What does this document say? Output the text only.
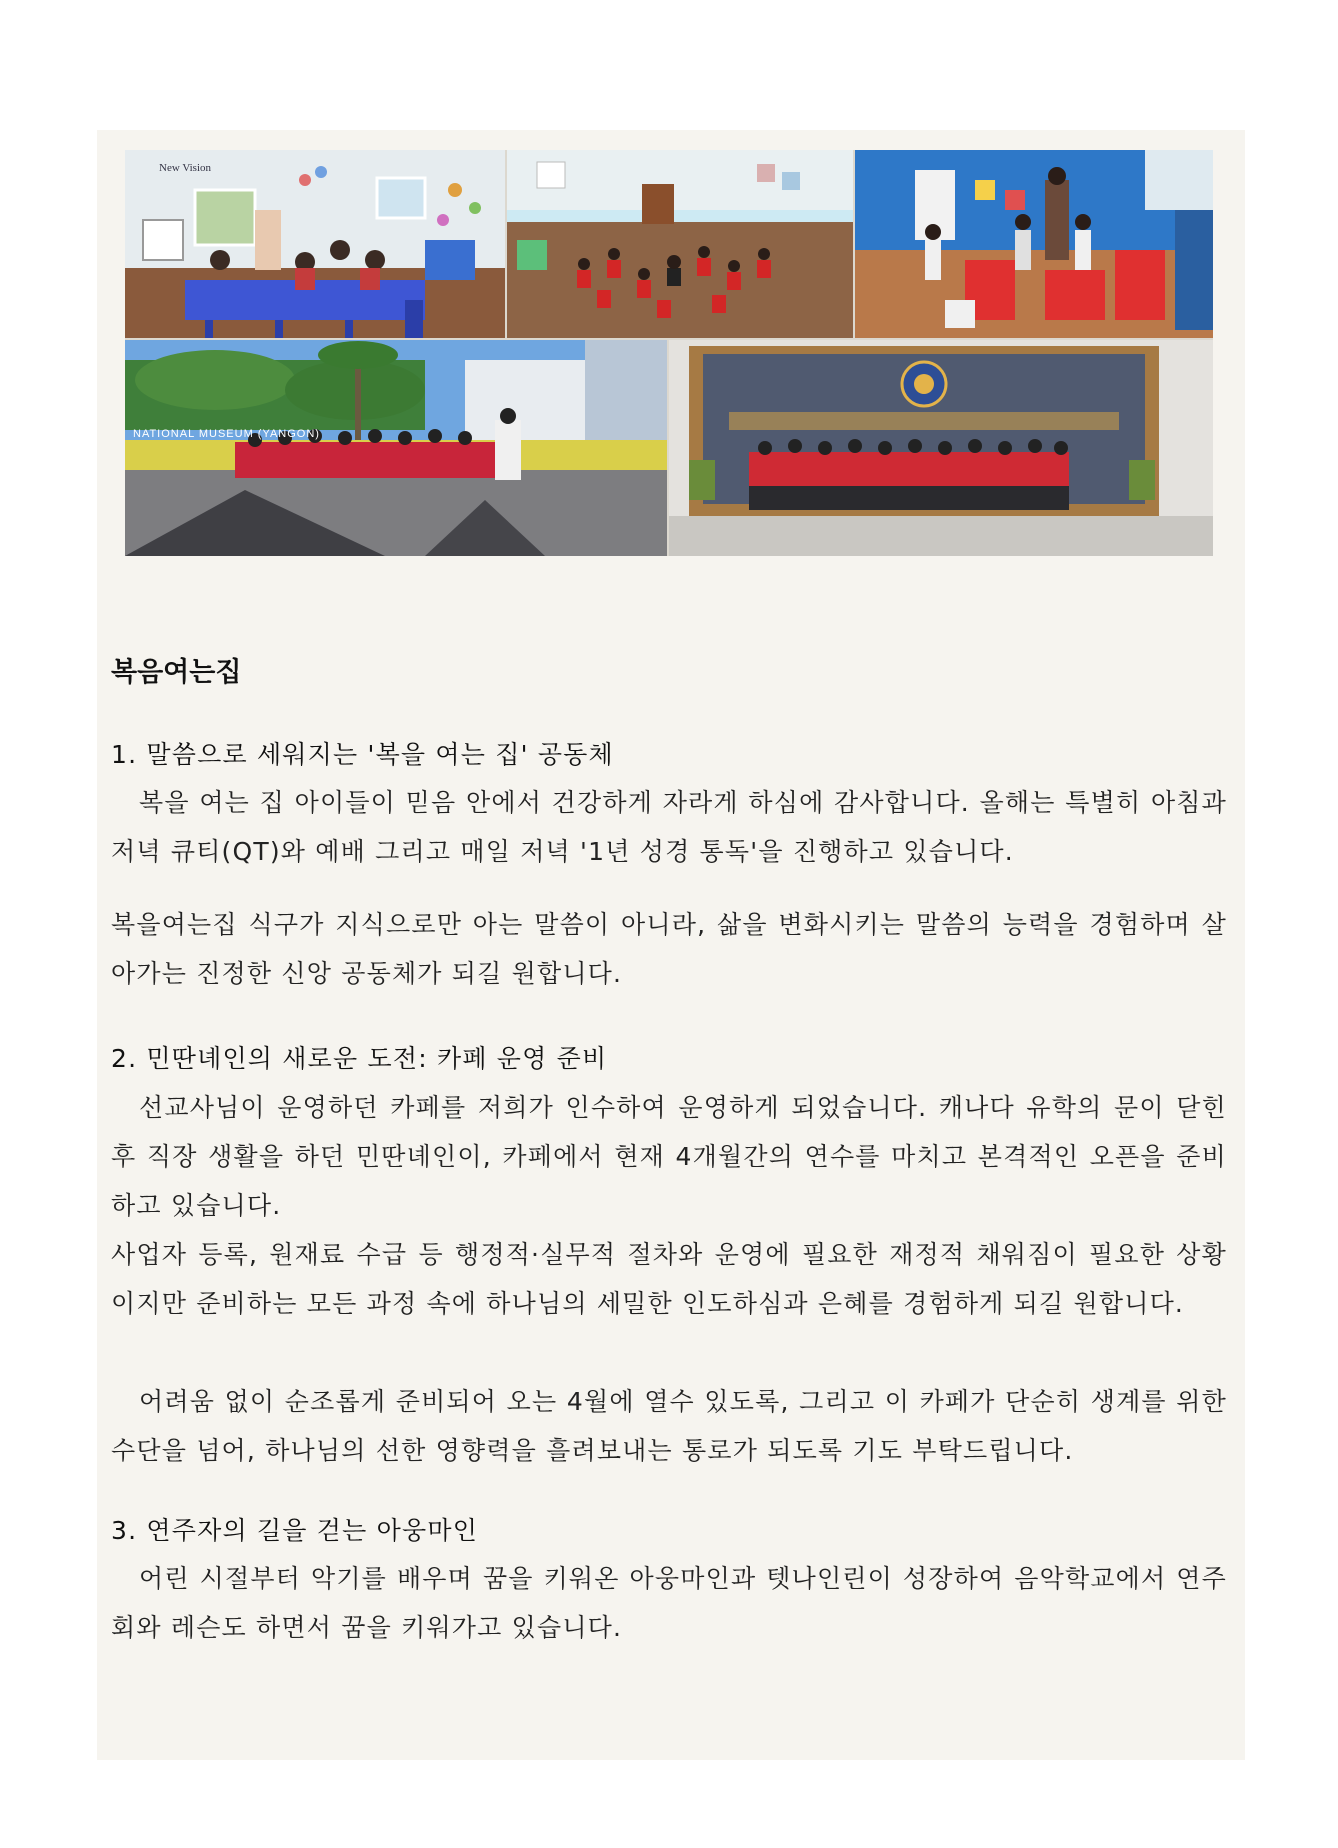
New Vision
NATIONAL MUSEUM (YANGON)
복음여는집
1. 말씀으로 세워지는 '복을 여는 집' 공동체

복을 여는 집 아이들이 믿음 안에서 건강하게 자라게 하심에 감사합니다. 올해는 특별히 아침과 저녁 큐티(QT)와 예배 그리고 매일 저녁 '1년 성경 통독'을 진행하고 있습니다.

복을여는집 식구가 지식으로만 아는 말씀이 아니라, 삶을 변화시키는 말씀의 능력을 경험하며 살아가는 진정한 신앙 공동체가 되길 원합니다.

2. 민딴녜인의 새로운 도전: 카페 운영 준비

선교사님이 운영하던 카페를 저희가 인수하여 운영하게 되었습니다. 캐나다 유학의 문이 닫힌 후 직장 생활을 하던 민딴녜인이, 카페에서 현재 4개월간의 연수를 마치고 본격적인 오픈을 준비 하고 있습니다.

사업자 등록, 원재료 수급 등 행정적·실무적 절차와 운영에 필요한 재정적 채워짐이 필요한 상황이지만 준비하는 모든 과정 속에 하나님의 세밀한 인도하심과 은혜를 경험하게 되길 원합니다.

어려움 없이 순조롭게 준비되어 오는 4월에 열수 있도록, 그리고 이 카페가 단순히 생계를 위한 수단을 넘어, 하나님의 선한 영향력을 흘려보내는 통로가 되도록 기도 부탁드립니다.

3. 연주자의 길을 걷는 아웅마인

어린 시절부터 악기를 배우며 꿈을 키워온 아웅마인과 텟나인린이 성장하여 음악학교에서 연주회와 레슨도 하면서 꿈을 키워가고 있습니다.
